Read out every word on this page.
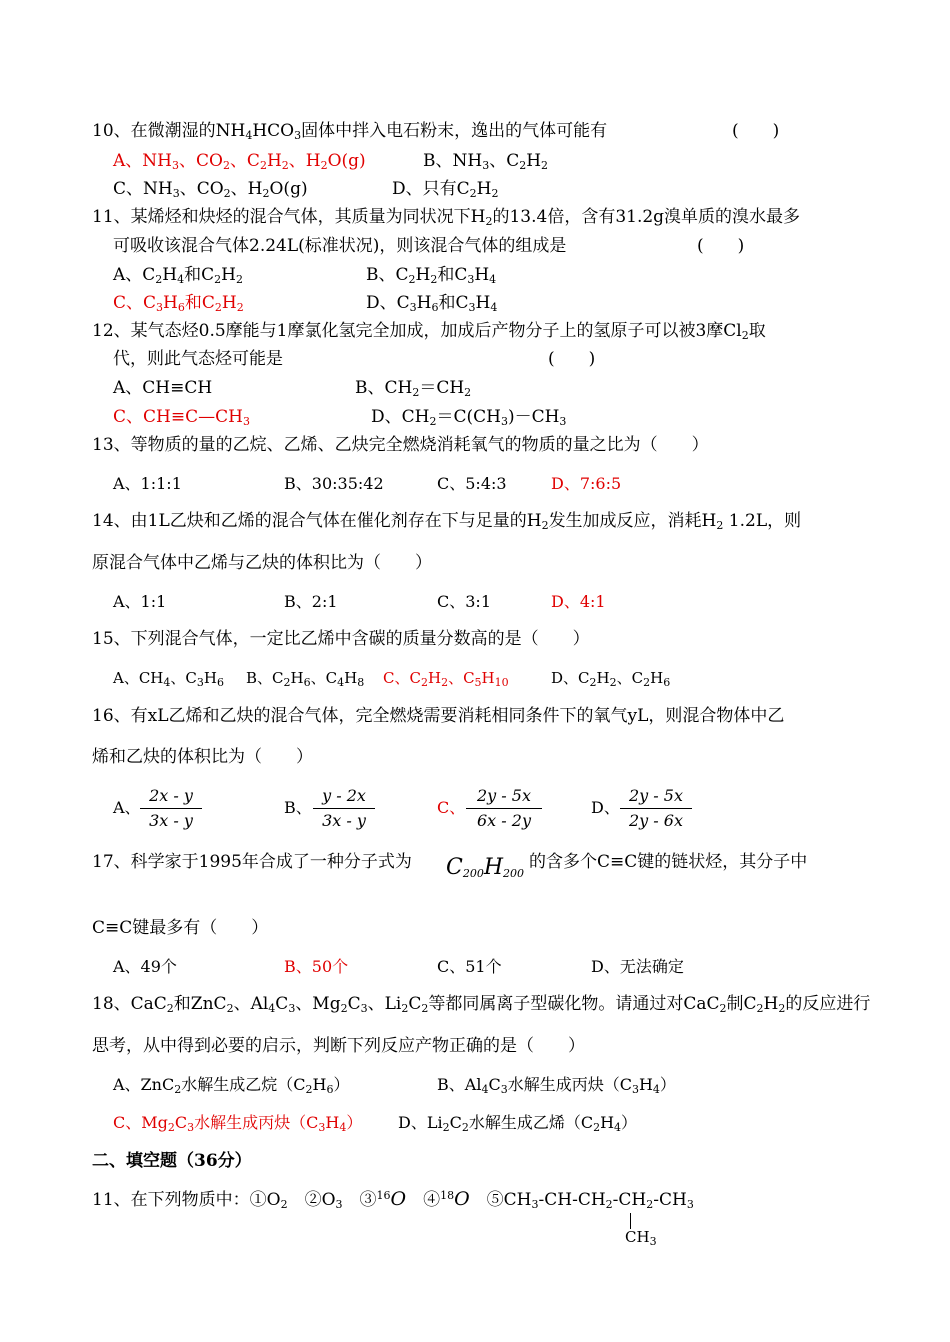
10、在微潮湿的$NH_4HCO_3$固体中拌入电石粉末，逸出的气体可能有	(　　)
A、$NH_3$、$CO_2$、$C_2H_2$、$H_2O(g)$	B、$NH_3$、$C_2H_2$
C、$NH_3$、$CO_2$、$H_2O(g)$	D、只有$C_2H_2$
11、某烯烃和炔烃的混合气体，其质量为同状况下$H_2$的13.4倍，含有31.2g溴单质的溴水最多
可吸收该混合气体2.24L(标准状况)，则该混合气体的组成是	(　　)
A、$C_2H_4$和$C_2H_2$	B、$C_2H_2$和$C_3H_4$
C、$C_3H_6$和$C_2H_2$	D、$C_3H_6$和$C_3H_4$
12、某气态烃0.5摩能与1摩氯化氢完全加成，加成后产物分子上的氢原子可以被3摩$Cl_2$取
代，则此气态烃可能是	(　　)
A、CH≡CH	B、$CH_2=CH_2$
C、$CH\equiv C—CH_3$	D、$CH_2=C(CH_3)-CH_3$
13、等物质的量的乙烷、乙烯、乙炔完全燃烧消耗氧气的物质的量之比为（　　）
A、1:1:1	B、30:35:42	C、5:4:3	D、7:6:5
14、由1L乙炔和乙烯的混合气体在催化剂存在下与足量的$H_2$发生加成反应，消耗$H_2$ 1.2L，则
原混合气体中乙烯与乙炔的体积比为（　　）
A、1:1	B、2:1	C、3:1	D、4:1
15、下列混合气体，一定比乙烯中含碳的质量分数高的是（　　）
A、$CH_4$、$C_3H_6$ B、$C_2H_6$、$C_4H_8$ C、$C_2H_2$、$C_5H_{10}$	D、$C_2H_2$、$C_2H_6$
16、有xL乙烯和乙炔的混合气体，完全燃烧需要消耗相同条件下的氧气yL，则混合物体中乙
烯和乙炔的体积比为（　　）
A、
2x - y
3x - y
B、
y - 2x
3x - y
C、
2y - 5x
6x - 2y
D、
2y - 5x
2y - 6x
17、科学家于1995年合成了一种分子式为 $C_{200}H_{200}$
的含多个C≡C键的链状烃，其分子中
C≡C键最多有（　　）
A、49个	B、50个	C、51个	D、无法确定
18、CaC$_2$和ZnC$_2$、$Al_4C_3$、$Mg_2C_3$、$Li_2C_2$等都同属离子型碳化物。请通过对CaC$_2$制$C_2H_2$的反应进行
思考，从中得到必要的启示，判断下列反应产物正确的是（　　）
A、ZnC$_2$水解生成乙烷$(C_2H_6)$	B、$Al_4C_3$水解生成丙炔$(C_3H_4)$
C、$Mg_2C_3$水解生成丙炔$(C_3H_4)$ D、$Li_2C_2$水解生成乙烯$(C_2H_4)$
二、填空题（36分）
11、在下列物质中：$①O_2$　$②O_3$　③$^{16}$O　④$^{18}$O　$⑤CH_3-CH-CH_2-CH_2-CH_3$
$CH_3$
